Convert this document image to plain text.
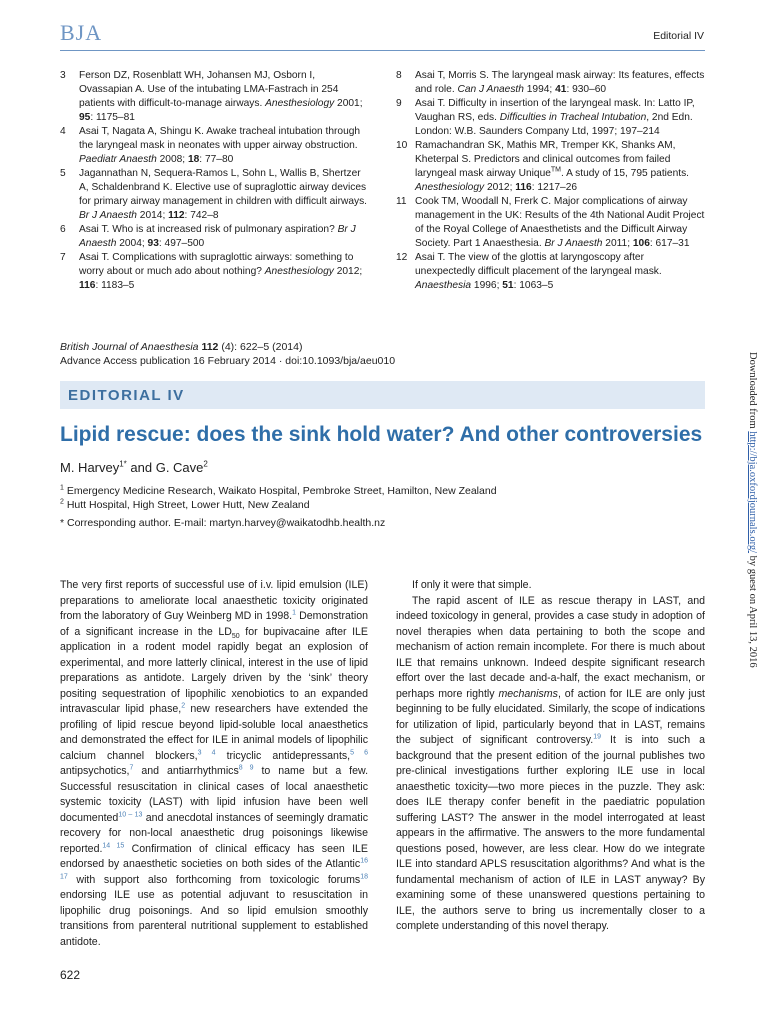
BJA	Editorial IV
3 Ferson DZ, Rosenblatt WH, Johansen MJ, Osborn I, Ovassapian A. Use of the intubating LMA-Fastrach in 254 patients with difficult-to-manage airways. Anesthesiology 2001; 95: 1175–81
4 Asai T, Nagata A, Shingu K. Awake tracheal intubation through the laryngeal mask in neonates with upper airway obstruction. Paediatr Anaesth 2008; 18: 77–80
5 Jagannathan N, Sequera-Ramos L, Sohn L, Wallis B, Shertzer A, Schaldenbrand K. Elective use of supraglottic airway devices for primary airway management in children with difficult airways. Br J Anaesth 2014; 112: 742–8
6 Asai T. Who is at increased risk of pulmonary aspiration? Br J Anaesth 2004; 93: 497–500
7 Asai T. Complications with supraglottic airways: something to worry about or much ado about nothing? Anesthesiology 2012; 116: 1183–5
8 Asai T, Morris S. The laryngeal mask airway: Its features, effects and role. Can J Anaesth 1994; 41: 930–60
9 Asai T. Difficulty in insertion of the laryngeal mask. In: Latto IP, Vaughan RS, eds. Difficulties in Tracheal Intubation, 2nd Edn. London: W.B. Saunders Company Ltd, 1997; 197–214
10 Ramachandran SK, Mathis MR, Tremper KK, Shanks AM, Kheterpal S. Predictors and clinical outcomes from failed laryngeal mask airway Unique™. A study of 15, 795 patients. Anesthesiology 2012; 116: 1217–26
11 Cook TM, Woodall N, Frerk C. Major complications of airway management in the UK: Results of the 4th National Audit Project of the Royal College of Anaesthetists and the Difficult Airway Society. Part 1 Anaesthesia. Br J Anaesth 2011; 106: 617–31
12 Asai T. The view of the glottis at laryngoscopy after unexpectedly difficult placement of the laryngeal mask. Anaesthesia 1996; 51: 1063–5
British Journal of Anaesthesia 112 (4): 622–5 (2014)
Advance Access publication 16 February 2014 · doi:10.1093/bja/aeu010
EDITORIAL IV
Lipid rescue: does the sink hold water? And other controversies
M. Harvey$^{1*}$ and G. Cave$^2$
$^1$ Emergency Medicine Research, Waikato Hospital, Pembroke Street, Hamilton, New Zealand
$^2$ Hutt Hospital, High Street, Lower Hutt, New Zealand
* Corresponding author. E-mail: martyn.harvey@waikatodhb.health.nz

The very first reports of successful use of i.v. lipid emulsion (ILE) preparations to ameliorate local anaesthetic toxicity originated from the laboratory of Guy Weinberg MD in 1998.$^1$ Demonstration of a significant increase in the $LD_{50}$ for bupivacaine after ILE application in a rodent model rapidly begat an explosion of experimental, and more latterly clinical, interest in the use of lipid preparations as antidote. Largely driven by the ‘sink’ theory positing sequestration of lipophilic xenobiotics to an expanded intravascular lipid phase,$^2$ new researchers have extended the profiling of lipid rescue beyond lipid-soluble local anaesthetics and demonstrated the effect for ILE in animal models of lipophilic calcium channel blockers,$^{3 4}$ tricyclic antidepressants,$^{5 6}$ antipsychotics,$^7$ and antiarrhythmics$^{8 9}$ to name but a few. Successful resuscitation in clinical cases of local anaesthetic systemic toxicity (LAST) with lipid infusion have been well documented$^{10 - 13}$ and anecdotal instances of seemingly dramatic recovery for non-local anaesthetic drug poisonings likewise reported.$^{14 15}$ Confirmation of clinical efficacy has seen ILE endorsed by anaesthetic societies on both sides of the Atlantic$^{16 17}$ with support also forthcoming from toxicologic forums$^{18}$ endorsing ILE use as potential adjuvant to resuscitation in lipophilic drug poisonings. And so lipid emulsion smoothly transitions from parenteral nutritional supplement to established antidote.

If only it were that simple.

The rapid ascent of ILE as rescue therapy in LAST, and indeed toxicology in general, provides a case study in adoption of novel therapies when data pertaining to both the scope and mechanism of action remain incomplete. For there is much about ILE that remains unknown. Indeed despite significant research effort over the last decade and-a-half, the exact mechanism, or perhaps more rightly mechanisms, of action for ILE are only just beginning to be fully elucidated. Similarly, the scope of indications for utilization of lipid, particularly beyond that in LAST, remains the subject of significant controversy.$^{19}$ It is into such a background that the present edition of the journal publishes two pre-clinical investigations further exploring ILE use in local anaesthetic toxicity—two more pieces in the puzzle. They ask: does ILE therapy confer benefit in the paediatric population suffering LAST? The answer in the model interrogated at least appears in the affirmative. The answers to the more fundamental questions posed, however, are less clear. How do we integrate ILE into standard APLS resuscitation algorithms? And what is the fundamental mechanism of action of ILE in LAST anyway? By examining some of these unanswered questions pertaining to ILE, the authors serve to bring us incrementally closer to a complete understanding of this novel therapy.

622
Downloaded from http://bja.oxfordjournals.org/ by guest on April 13, 2016
